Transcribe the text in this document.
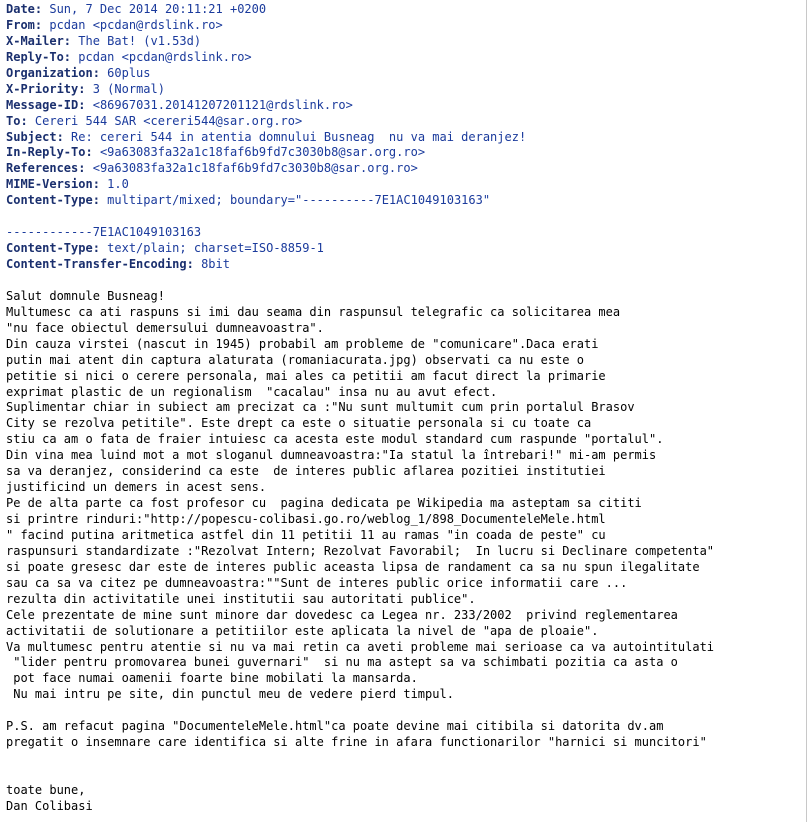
Date: Sun, 7 Dec 2014 20:11:21 +0200
From: pcdan <pcdan@rdslink.ro>
X-Mailer: The Bat! (v1.53d)
Reply-To: pcdan <pcdan@rdslink.ro>
Organization: 60plus
X-Priority: 3 (Normal)
Message-ID: <86967031.20141207201121@rdslink.ro>
To: Cereri 544 SAR <cereri544@sar.org.ro>
Subject: Re: cereri 544 in atentia domnului Busneag  nu va mai deranjez!
In-Reply-To: <9a63083fa32a1c18faf6b9fd7c3030b8@sar.org.ro>
References: <9a63083fa32a1c18faf6b9fd7c3030b8@sar.org.ro>
MIME-Version: 1.0
Content-Type: multipart/mixed; boundary="----------7E1AC1049103163"
------------7E1AC1049103163
Content-Type: text/plain; charset=ISO-8859-1
Content-Transfer-Encoding: 8bit
Salut domnule Busneag!
Multumesc ca ati raspuns si imi dau seama din raspunsul telegrafic ca solicitarea mea
"nu face obiectul demersului dumneavoastra".
Din cauza virstei (nascut in 1945) probabil am probleme de "comunicare".Daca erati
putin mai atent din captura alaturata (romaniacurata.jpg) observati ca nu este o
petitie si nici o cerere personala, mai ales ca petitii am facut direct la primarie
exprimat plastic de un regionalism  "cacalau" insa nu au avut efect.
Suplimentar chiar in subiect am precizat ca :"Nu sunt multumit cum prin portalul Brasov
City se rezolva petitile". Este drept ca este o situatie personala si cu toate ca
stiu ca am o fata de fraier intuiesc ca acesta este modul standard cum raspunde "portalul".
Din vina mea luind mot a mot sloganul dumneavoastra:"Ia statul la întrebari!" mi-am permis
sa va deranjez, considerind ca este  de interes public aflarea pozitiei institutiei
justificind un demers in acest sens.
Pe de alta parte ca fost profesor cu  pagina dedicata pe Wikipedia ma asteptam sa cititi
si printre rinduri:"http://popescu-colibasi.go.ro/weblog_1/898_DocumenteleMele.html
" facind putina aritmetica astfel din 11 petitii 11 au ramas "in coada de peste" cu
raspunsuri standardizate :"Rezolvat Intern; Rezolvat Favorabil;  In lucru si Declinare competenta"
si poate gresesc dar este de interes public aceasta lipsa de randament ca sa nu spun ilegalitate
sau ca sa va citez pe dumneavoastra:""Sunt de interes public orice informatii care ...
rezulta din activitatile unei institutii sau autoritati publice".
Cele prezentate de mine sunt minore dar dovedesc ca Legea nr. 233/2002  privind reglementarea
activitatii de solutionare a petitiilor este aplicata la nivel de "apa de ploaie".
Va multumesc pentru atentie si nu va mai retin ca aveti probleme mai serioase ca va autointitulati
"lider pentru promovarea bunei guvernari"  si nu ma astept sa va schimbati pozitia ca asta o
pot face numai oamenii foarte bine mobilati la mansarda.
Nu mai intru pe site, din punctul meu de vedere pierd timpul.
P.S. am refacut pagina "DocumenteleMele.html"ca poate devine mai citibila si datorita dv.am
pregatit o insemnare care identifica si alte frine in afara functionarilor "harnici si muncitori"
toate bune,
Dan Colibasi
